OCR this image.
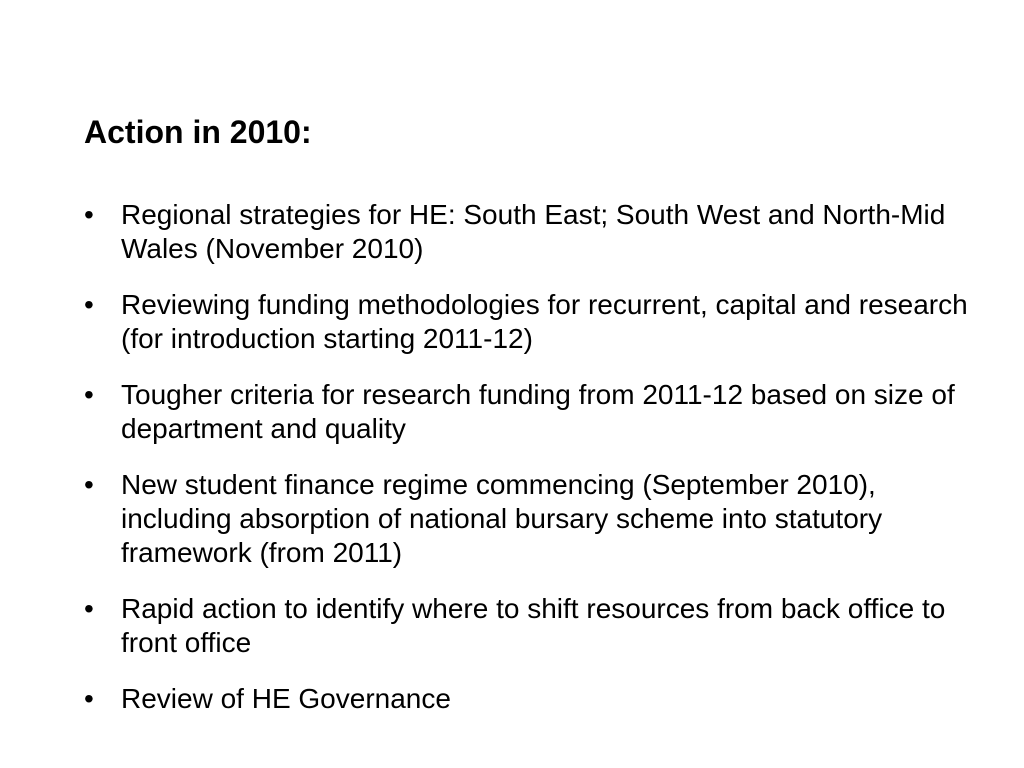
Action in 2010:
• Regional strategies for HE: South East; South West and North-Mid Wales (November 2010)
• Reviewing funding methodologies for recurrent, capital and research (for introduction starting 2011-12)
• Tougher criteria for research funding from 2011-12 based on size of department and quality
• New student finance regime commencing (September 2010), including absorption of national bursary scheme into statutory framework (from 2011)
• Rapid action to identify where to shift resources from back office to front office
• Review of HE Governance
